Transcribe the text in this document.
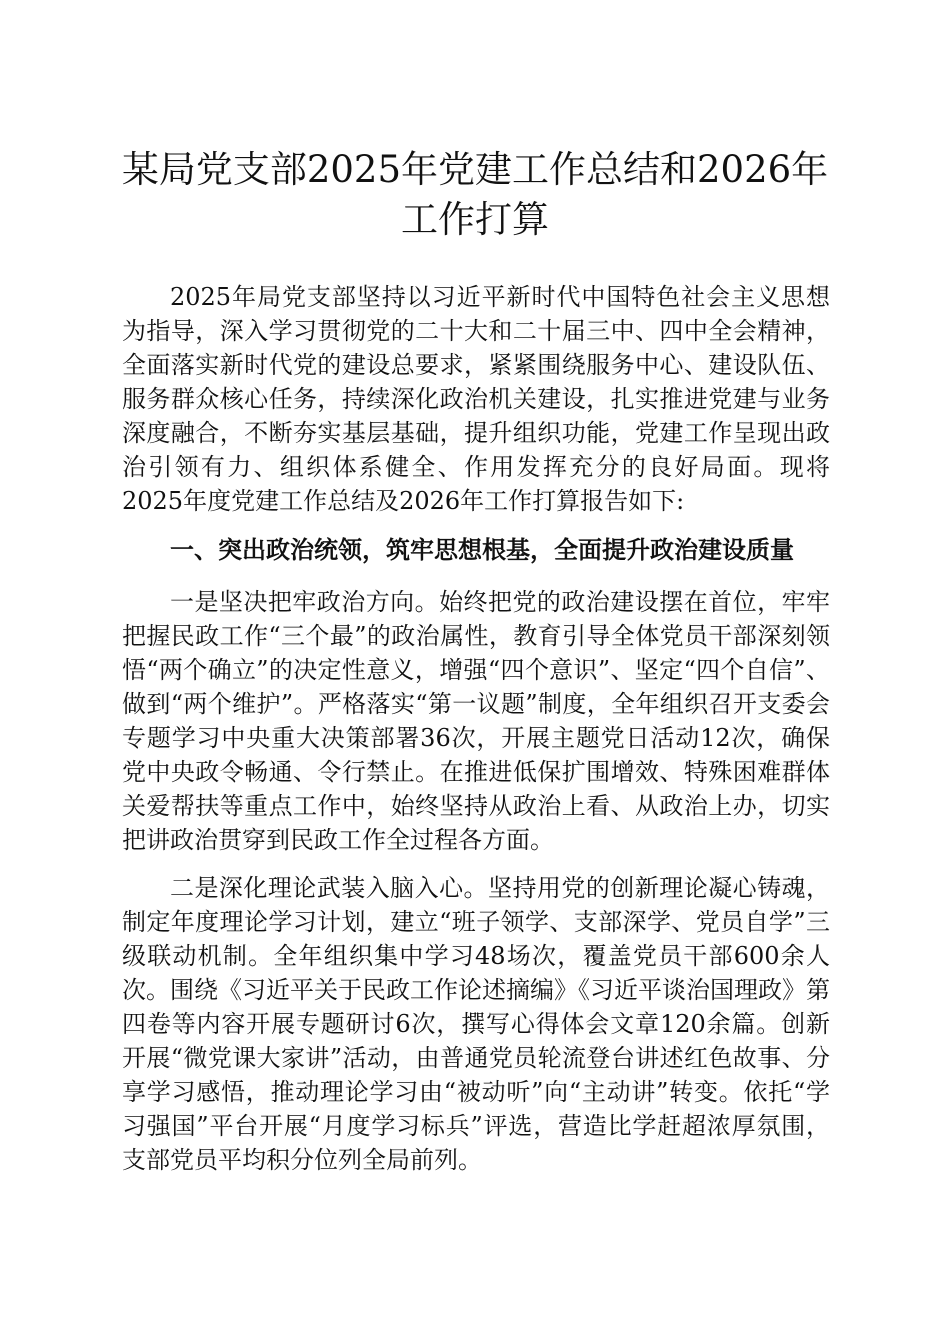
某局党支部2025年党建工作总结和2026年工作打算

2025年局党支部坚持以习近平新时代中国特色社会主义思想为指导，深入学习贯彻党的二十大和二十届三中、四中全会精神，全面落实新时代党的建设总要求，紧紧围绕服务中心、建设队伍、服务群众核心任务，持续深化政治机关建设，扎实推进党建与业务深度融合，不断夯实基层基础，提升组织功能，党建工作呈现出政治引领有力、组织体系健全、作用发挥充分的良好局面。现将2025年度党建工作总结及2026年工作打算报告如下:

一、突出政治统领，筑牢思想根基，全面提升政治建设质量

一是坚决把牢政治方向。始终把党的政治建设摆在首位，牢牢把握民政工作“三个最”的政治属性，教育引导全体党员干部深刻领悟“两个确立”的决定性意义，增强“四个意识”、坚定“四个自信”、做到“两个维护”。严格落实“第一议题”制度，全年组织召开支委会专题学习中央重大决策部署36次，开展主题党日活动12次，确保党中央政令畅通、令行禁止。在推进低保扩围增效、特殊困难群体关爱帮扶等重点工作中，始终坚持从政治上看、从政治上办，切实把讲政治贯穿到民政工作全过程各方面。

二是深化理论武装入脑入心。坚持用党的创新理论凝心铸魂，制定年度理论学习计划，建立“班子领学、支部深学、党员自学”三级联动机制。全年组织集中学习48场次，覆盖党员干部600余人次。围绕《习近平关于民政工作论述摘编》《习近平谈治国理政》第四卷等内容开展专题研讨6次，撰写心得体会文章120余篇。创新开展“微党课大家讲”活动，由普通党员轮流登台讲述红色故事、分享学习感悟，推动理论学习由“被动听”向“主动讲”转变。依托“学习强国”平台开展“月度学习标兵”评选，营造比学赶超浓厚氛围，支部党员平均积分位列全局前列。
